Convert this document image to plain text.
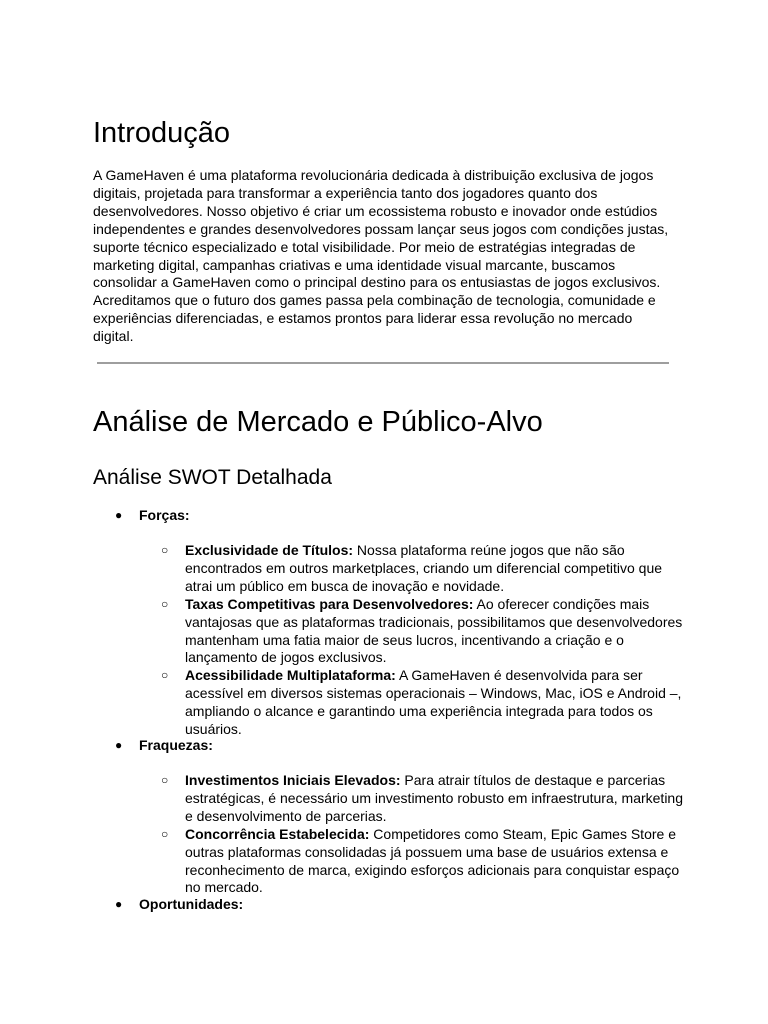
Introdução

A GameHaven é uma plataforma revolucionária dedicada à distribuição exclusiva de jogos digitais, projetada para transformar a experiência tanto dos jogadores quanto dos desenvolvedores. Nosso objetivo é criar um ecossistema robusto e inovador onde estúdios independentes e grandes desenvolvedores possam lançar seus jogos com condições justas, suporte técnico especializado e total visibilidade. Por meio de estratégias integradas de marketing digital, campanhas criativas e uma identidade visual marcante, buscamos consolidar a GameHaven como o principal destino para os entusiastas de jogos exclusivos. Acreditamos que o futuro dos games passa pela combinação de tecnologia, comunidade e experiências diferenciadas, e estamos prontos para liderar essa revolução no mercado digital.

Análise de Mercado e Público-Alvo
Análise SWOT Detalhada
● Forças:
○ Exclusividade de Títulos: Nossa plataforma reúne jogos que não são encontrados em outros marketplaces, criando um diferencial competitivo que atrai um público em busca de inovação e novidade.
○ Taxas Competitivas para Desenvolvedores: Ao oferecer condições mais vantajosas que as plataformas tradicionais, possibilitamos que desenvolvedores mantenham uma fatia maior de seus lucros, incentivando a criação e o lançamento de jogos exclusivos.
○ Acessibilidade Multiplataforma: A GameHaven é desenvolvida para ser acessível em diversos sistemas operacionais – Windows, Mac, iOS e Android –, ampliando o alcance e garantindo uma experiência integrada para todos os usuários.
● Fraquezas:
○ Investimentos Iniciais Elevados: Para atrair títulos de destaque e parcerias estratégicas, é necessário um investimento robusto em infraestrutura, marketing e desenvolvimento de parcerias.
○ Concorrência Estabelecida: Competidores como Steam, Epic Games Store e outras plataformas consolidadas já possuem uma base de usuários extensa e reconhecimento de marca, exigindo esforços adicionais para conquistar espaço no mercado.
● Oportunidades:
